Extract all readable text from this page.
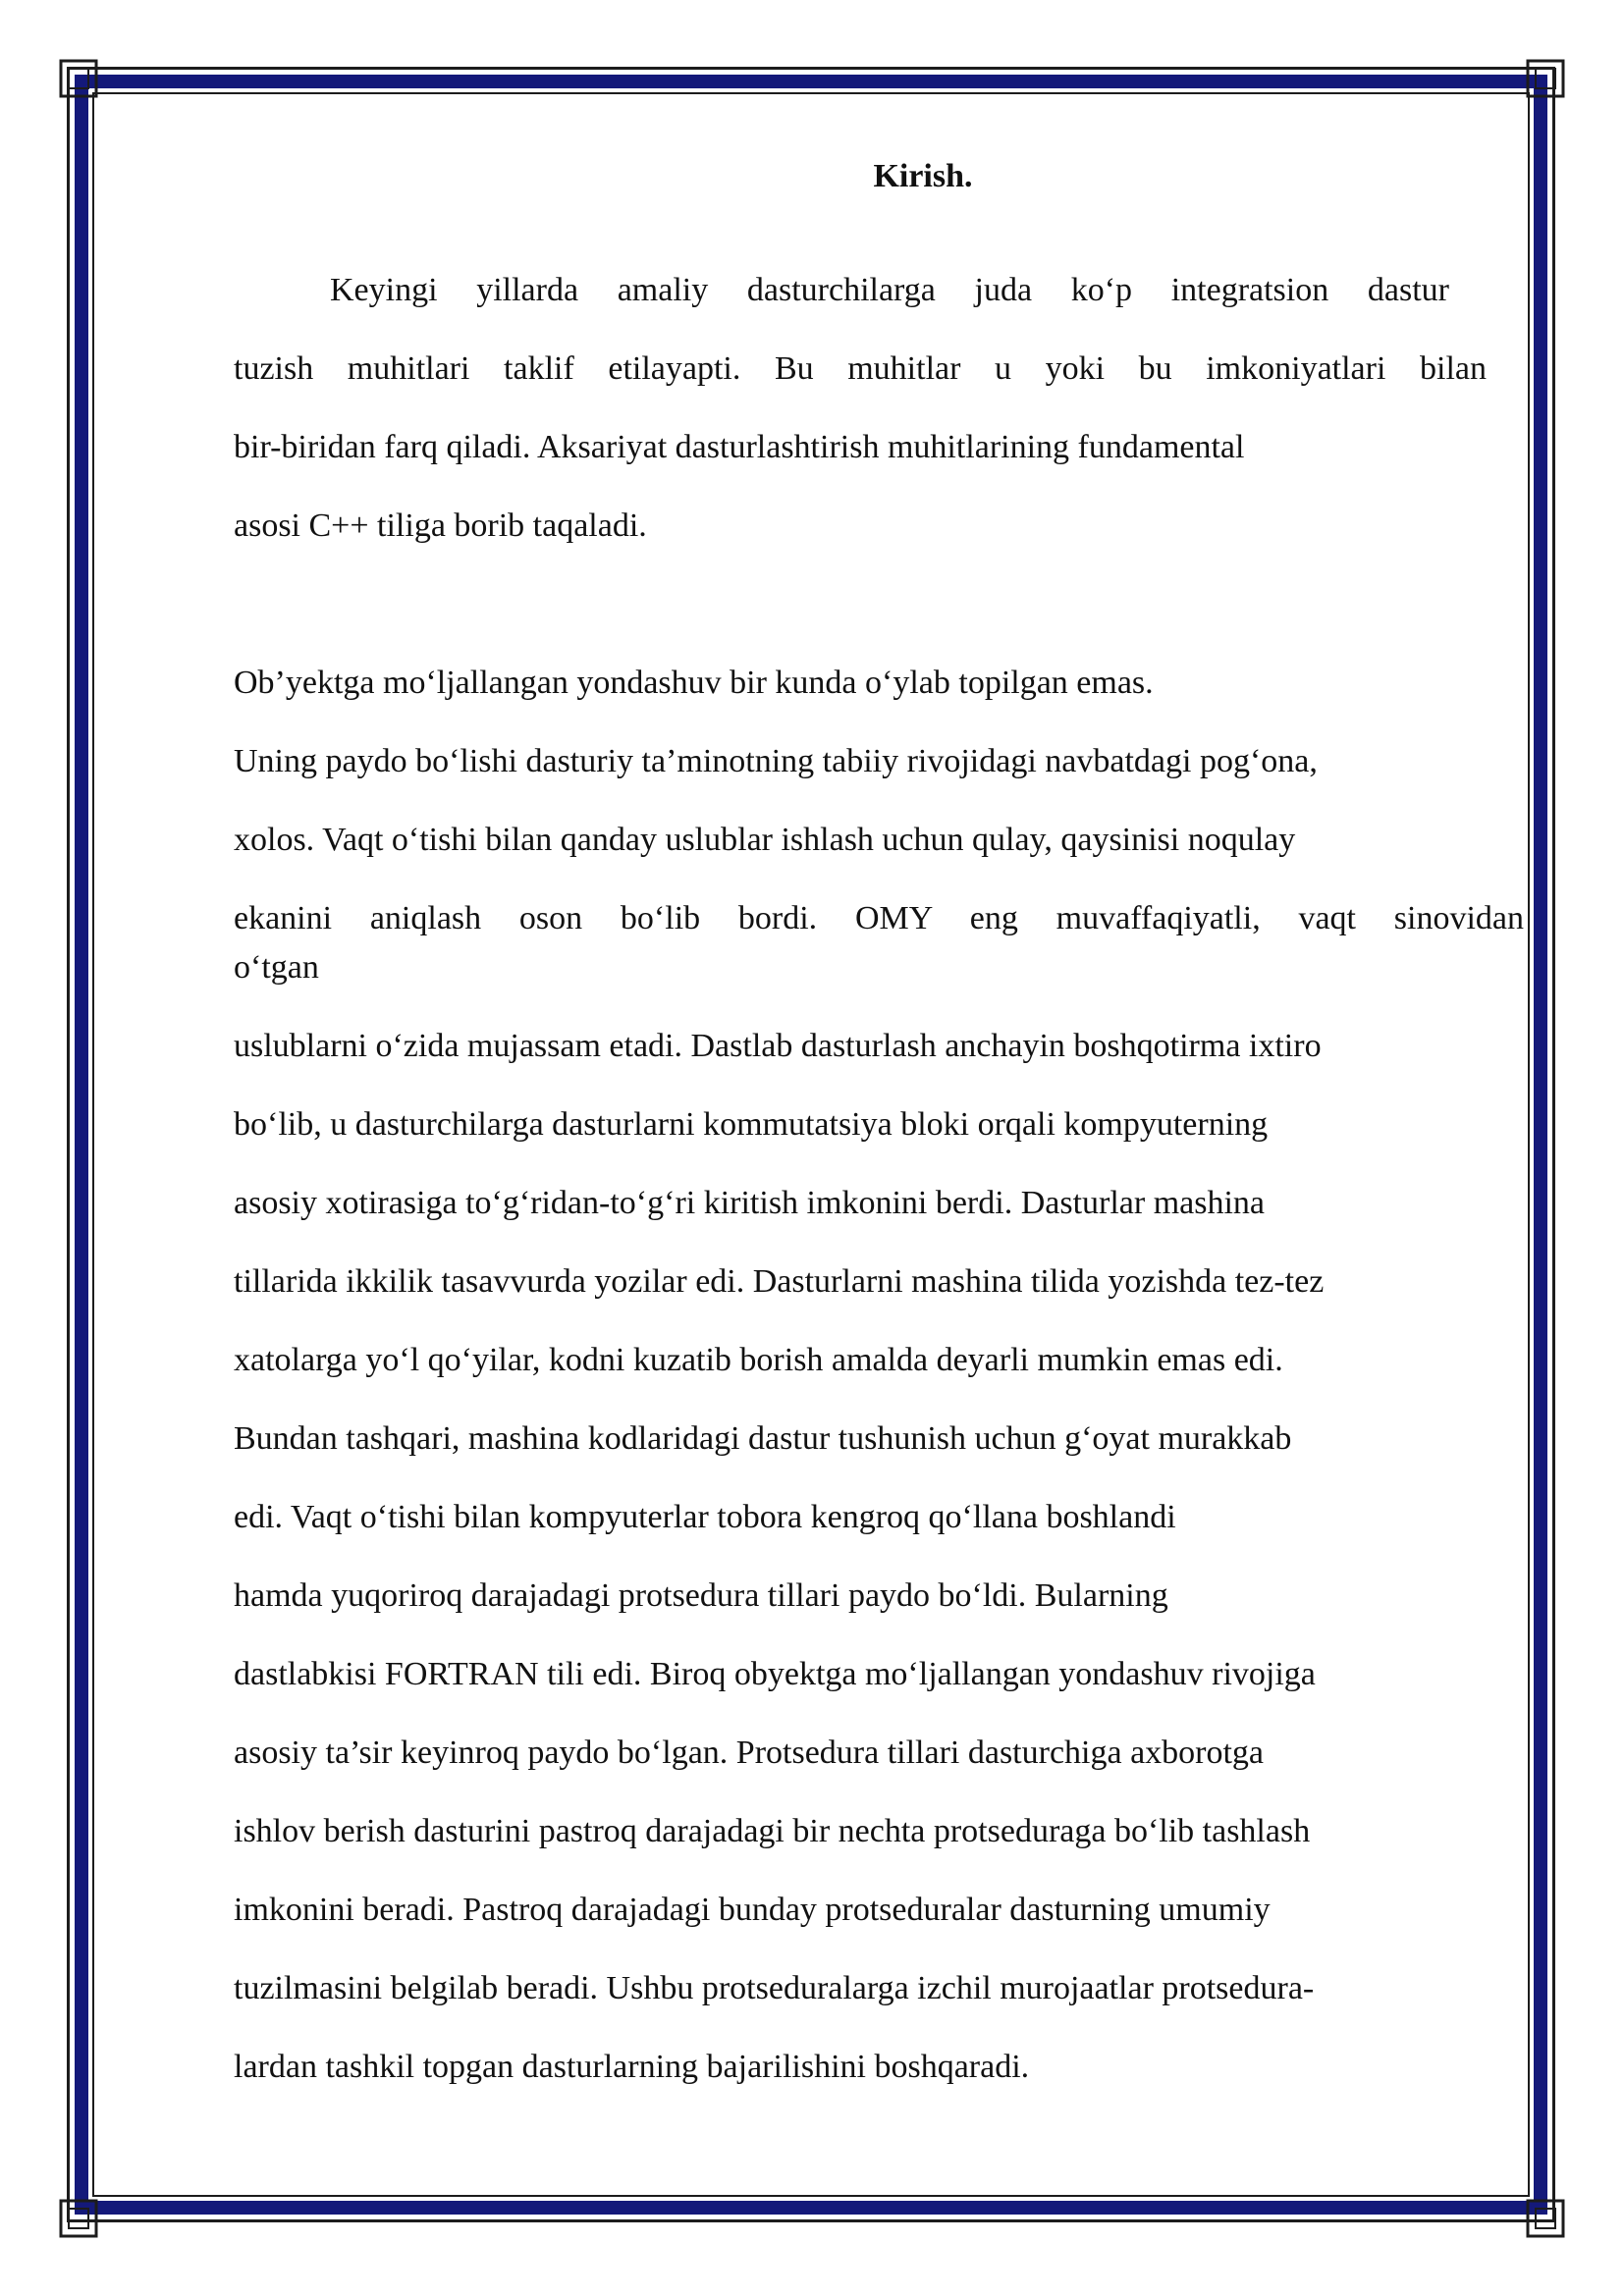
Kirish.

Keyingi yillarda amaliy dasturchilarga juda ko‘p integratsion dastur

tuzish muhitlari taklif etilayapti. Bu muhitlar u yoki bu imkoniyatlari bilan

bir-biridan farq qiladi. Aksariyat dasturlashtirish muhitlarining fundamental

asosi C++ tiliga borib taqaladi.

Ob’yektga mo‘ljallangan yondashuv bir kunda o‘ylab topilgan emas.

Uning paydo bo‘lishi dasturiy ta’minotning tabiiy rivojidagi navbatdagi pog‘ona,

xolos. Vaqt o‘tishi bilan qanday uslublar ishlash uchun qulay, qaysinisi noqulay

ekanini aniqlash oson bo‘lib bordi. OMY eng muvaffaqiyatli, vaqt sinovidan

o‘tgan

uslublarni o‘zida mujassam etadi. Dastlab dasturlash anchayin boshqotirma ixtiro

bo‘lib, u dasturchilarga dasturlarni kommutatsiya bloki orqali kompyuterning

asosiy xotirasiga to‘g‘ridan-to‘g‘ri kiritish imkonini berdi. Dasturlar mashina

tillarida ikkilik tasavvurda yozilar edi. Dasturlarni mashina tilida yozishda tez-tez

xatolarga yo‘l qo‘yilar, kodni kuzatib borish amalda deyarli mumkin emas edi.

Bundan tashqari, mashina kodlaridagi dastur tushunish uchun g‘oyat murakkab

edi. Vaqt o‘tishi bilan kompyuterlar tobora kengroq qo‘llana boshlandi

hamda yuqoriroq darajadagi protsedura tillari paydo bo‘ldi. Bularning

dastlabkisi FORTRAN tili edi. Biroq obyektga mo‘ljallangan yondashuv rivojiga

asosiy ta’sir keyinroq paydo bo‘lgan. Protsedura tillari dasturchiga axborotga

ishlov berish dasturini pastroq darajadagi bir nechta protseduraga bo‘lib tashlash

imkonini beradi. Pastroq darajadagi bunday protseduralar dasturning umumiy

tuzilmasini belgilab beradi. Ushbu protseduralarga izchil murojaatlar protsedura-

lardan tashkil topgan dasturlarning bajarilishini boshqaradi.
